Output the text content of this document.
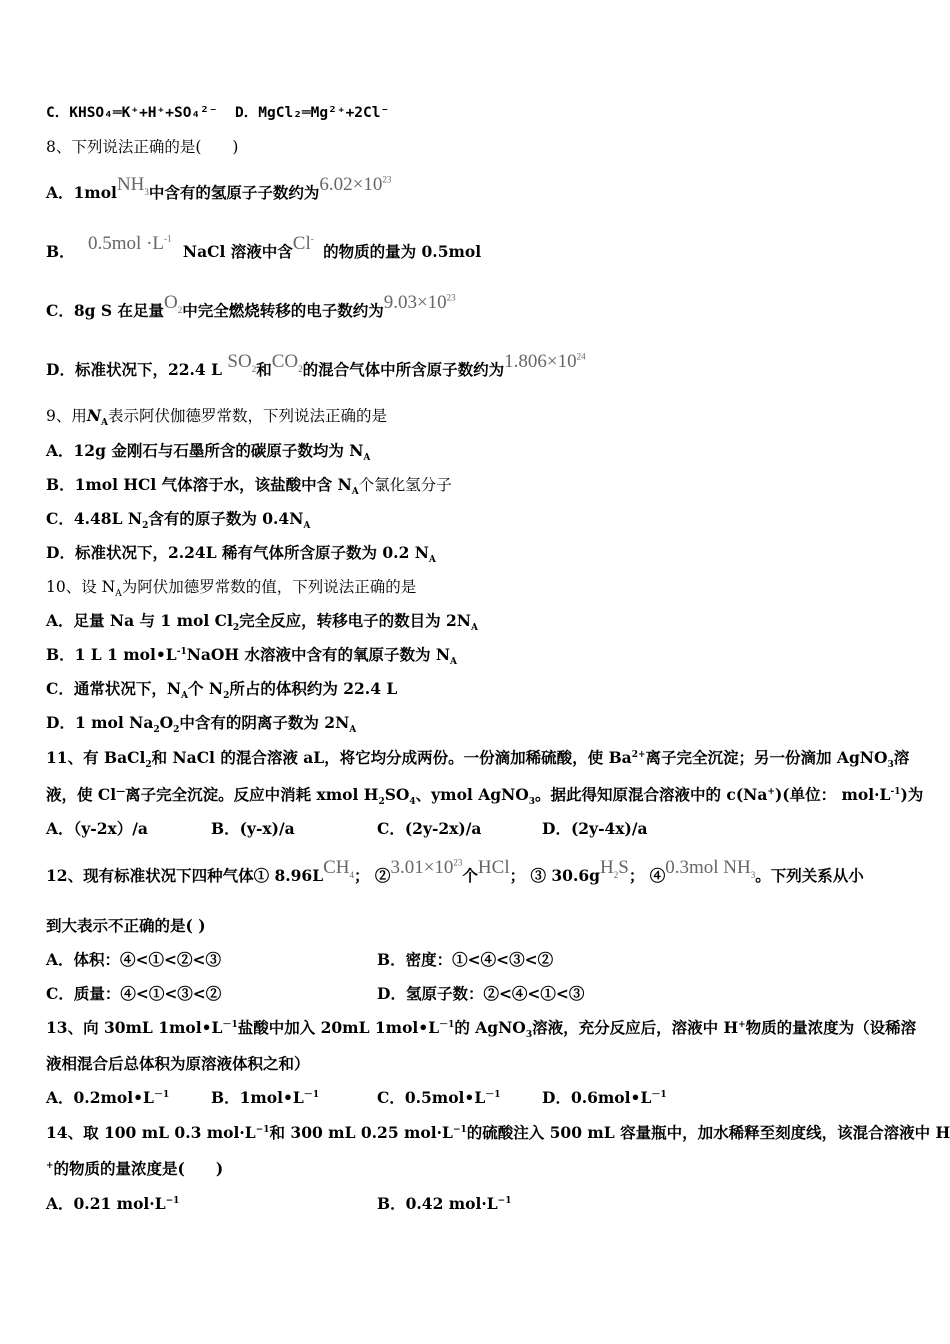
C．KHSO₄═K⁺+H⁺+SO₄²⁻ D．MgCl₂═Mg²⁺+2Cl⁻
8、下列说法正确的是(　　)
A．1molNH$_3$中含有的氢原子子数约为$6.02\times 10^{23}$
B． $0.5mol \cdot L^{-1}$ NaCl 溶液中含Cl- 的物质的量为 0.5mol
C．8g S 在足量$O_2$中完全燃烧转移的电子数约为$9.03\times 10^{23}$
D．标准状况下，22.4 L $SO_2$和$CO_2$的混合气体中所含原子数约为$1.806\times 10^{24}$
9、用$N_A$表示阿伏伽德罗常数，下列说法正确的是
A．12g 金刚石与石墨所含的碳原子数均为 $N_A$
B．1mol HCl 气体溶于水，该盐酸中含 $N_A$个氯化氢分子
C．4.48L $N_2$含有的原子数为 $0.4N_A$
D．标准状况下，2.24L 稀有气体所含原子数为 0.2 $N_A$
10、设 $N_A$为阿伏加德罗常数的值，下列说法正确的是
A．足量 Na 与 1 mol $Cl_2$完全反应，转移电子的数目为 $2N_A$
B．1 L 1 $mol•L^{-1}NaOH$ 水溶液中含有的氧原子数为 $N_A$
C．通常状况下，$N_A$个 $N_2$所占的体积约为 22.4 L
D．1 mol $Na_2O_2$中含有的阴离子数为 $2N_A$
11、有 BaCl$_2$和 NaCl 的混合溶液 aL，将它均分成两份。一份滴加稀硫酸，使 $Ba^{2+}$离子完全沉淀；另一份滴加 AgNO$_3$溶
液，使 Cl—离子完全沉淀。反应中消耗 xmol $H_2SO_4$、ymol AgNO$_3$。据此得知原混合溶液中的 c(Na+)(单位： $mol\cdot L^{-1}$)为
A．（y-2x）/a	B．(y-x)/a	C．(2y-2x)/a	D．(2y-4x)/a
12、现有标准状况下四种气体① $8.96LCH_4$； $②3.01\times 10^{23}$个HCl； ③ $30.6gH_2S$； ④0.3mol $NH_3$。下列关系从小
到大表示不正确的是( )
A．体积：④<①<②<③	B．密度：①<④<③<②
C．质量：④<①<③<②	D．氢原子数：②<④<①<③
13、向 30mL $1mol•L^{-1}$盐酸中加入 20mL $1mol•L^{-1}$的 AgNO$_3$溶液，充分反应后，溶液中 H+物质的量浓度为（设稀溶
液相混合后总体积为原溶液体积之和）
A．$0.2mol•L^{-1}$	B．$1mol•L^{-1}$	C．$0.5mol•L^{-1}$	D．$0.6mol•L^{-1}$
14、取 100 mL 0.3 $mol\cdot L^{-1}$和 300 mL 0.25 $mol\cdot L^{-1}$的硫酸注入 500 mL 容量瓶中，加水稀释至刻度线，该混合溶液中 H
+的物质的量浓度是(　　)
A．0.21 $mol\cdot L^{-1}$	B．0.42 $mol\cdot L^{-1}$
